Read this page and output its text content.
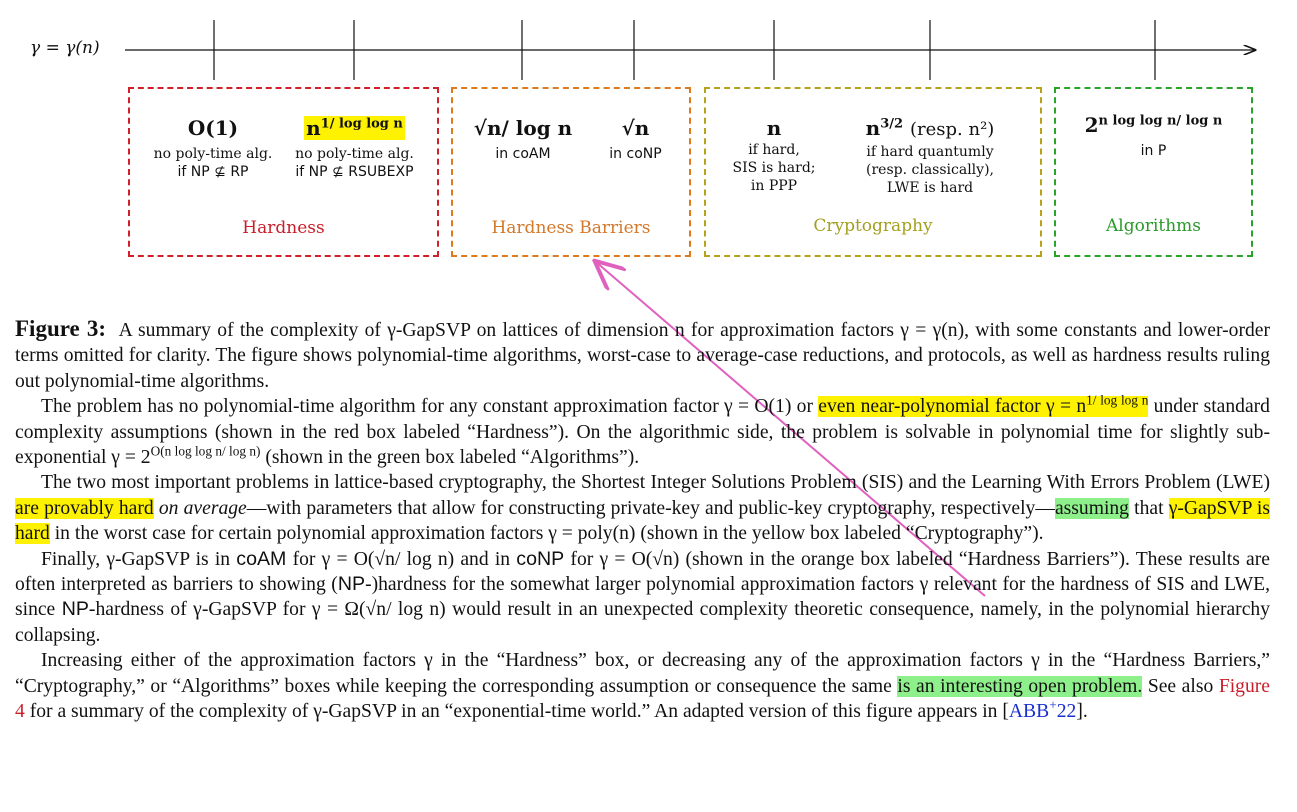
γ = γ(n)
O(1)
no poly-time alg.
if NP ⊈ RP
$n^{1/ log log n}$
no poly-time alg.
if NP ⊈ RSUBEXP
Hardness
√n/ log n
in coAM
√n
in coNP
Hardness Barriers
n
if hard,
SIS is hard;
in PPP
$n^{3/2}$ (resp. n²)
if hard quantumly
(resp. classically),
LWE is hard
Cryptography
$2^{n log log n/ log n}$
in P
Algorithms

Figure 3: A summary of the complexity of γ-GapSVP on lattices of dimension n for approximation factors γ = γ(n), with some constants and lower-order terms omitted for clarity. The figure shows polynomial-time algorithms, worst-case to average-case reductions, and protocols, as well as hardness results ruling out polynomial-time algorithms.

The problem has no polynomial-time algorithm for any constant approximation factor γ = O(1) or even near-polynomial factor $\gamma = n^{1/ log log n}$ under standard complexity assumptions (shown in the red box labeled “Hardness”). On the algorithmic side, the problem is solvable in polynomial time for slightly sub-exponential $\gamma = 2^{O(n log log n/ log n)}$ (shown in the green box labeled “Algorithms”).

The two most important problems in lattice-based cryptography, the Shortest Integer Solutions Problem (SIS) and the Learning With Errors Problem (LWE) are provably hard on average—with parameters that allow for constructing private-key and public-key cryptography, respectively—assuming that γ-GapSVP is hard in the worst case for certain polynomial approximation factors γ = poly(n) (shown in the yellow box labeled “Cryptography”).

Finally, γ-GapSVP is in coAM for γ = O(√n/ log n) and in coNP for γ = O(√n) (shown in the orange box labeled “Hardness Barriers”). These results are often interpreted as barriers to showing (NP-)hardness for the somewhat larger polynomial approximation factors γ relevant for the hardness of SIS and LWE, since NP-hardness of γ-GapSVP for γ = Ω(√n/ log n) would result in an unexpected complexity theoretic consequence, namely, in the polynomial hierarchy collapsing.

Increasing either of the approximation factors γ in the “Hardness” box, or decreasing any of the approximation factors γ in the “Hardness Barriers,” “Cryptography,” or “Algorithms” boxes while keeping the corresponding assumption or consequence the same is an interesting open problem. See also Figure 4 for a summary of the complexity of γ-GapSVP in an “exponential-time world.” An adapted version of this figure appears in [ABB+22].
